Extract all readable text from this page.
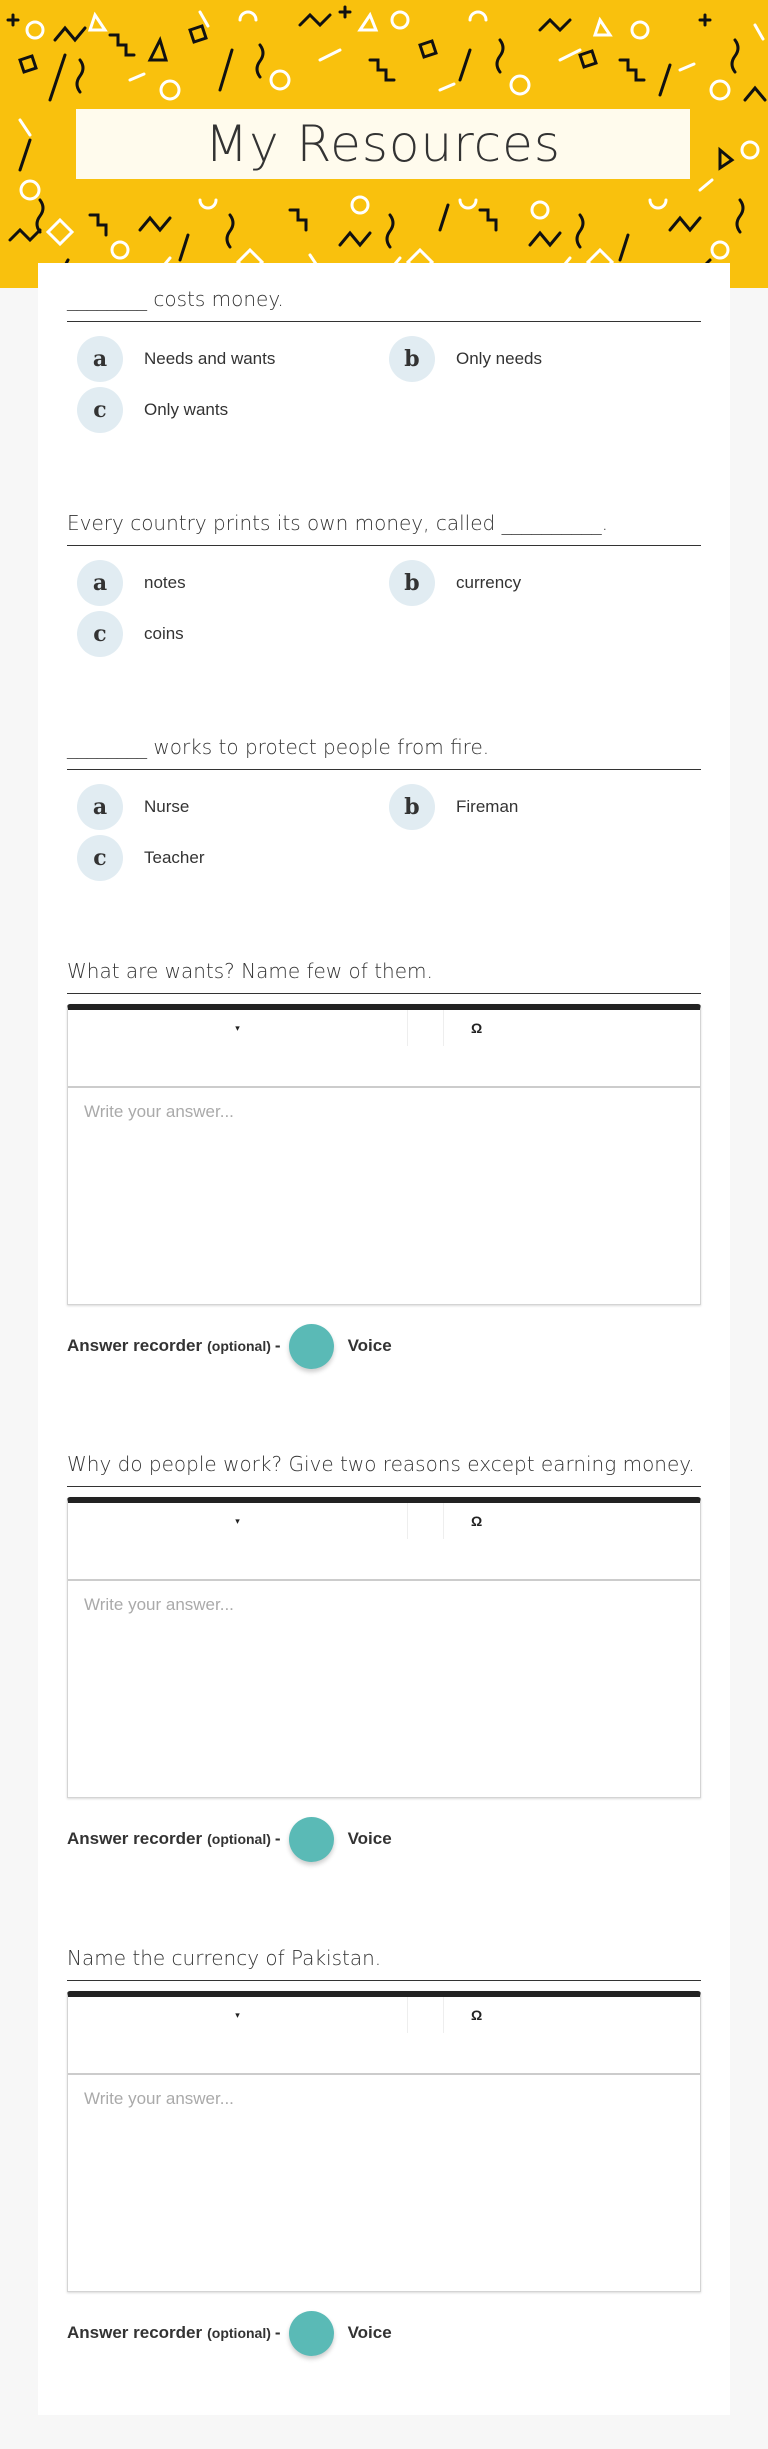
My Resources
________ costs money.
a	Needs and wants	b	Only needs
c	Only wants
Every country prints its own money, called __________.
a	notes	b	currency
c	coins
________ works to protect people from fire.
a	Nurse	b	Fireman
c	Teacher
What are wants? Name few of them.
▾	Ω
Write your answer...
Answer recorder (optional) -	Voice
Why do people work? Give two reasons except earning money.
▾	Ω
Write your answer...
Answer recorder (optional) -	Voice
Name the currency of Pakistan.
▾	Ω
Write your answer...
Answer recorder (optional) -	Voice
